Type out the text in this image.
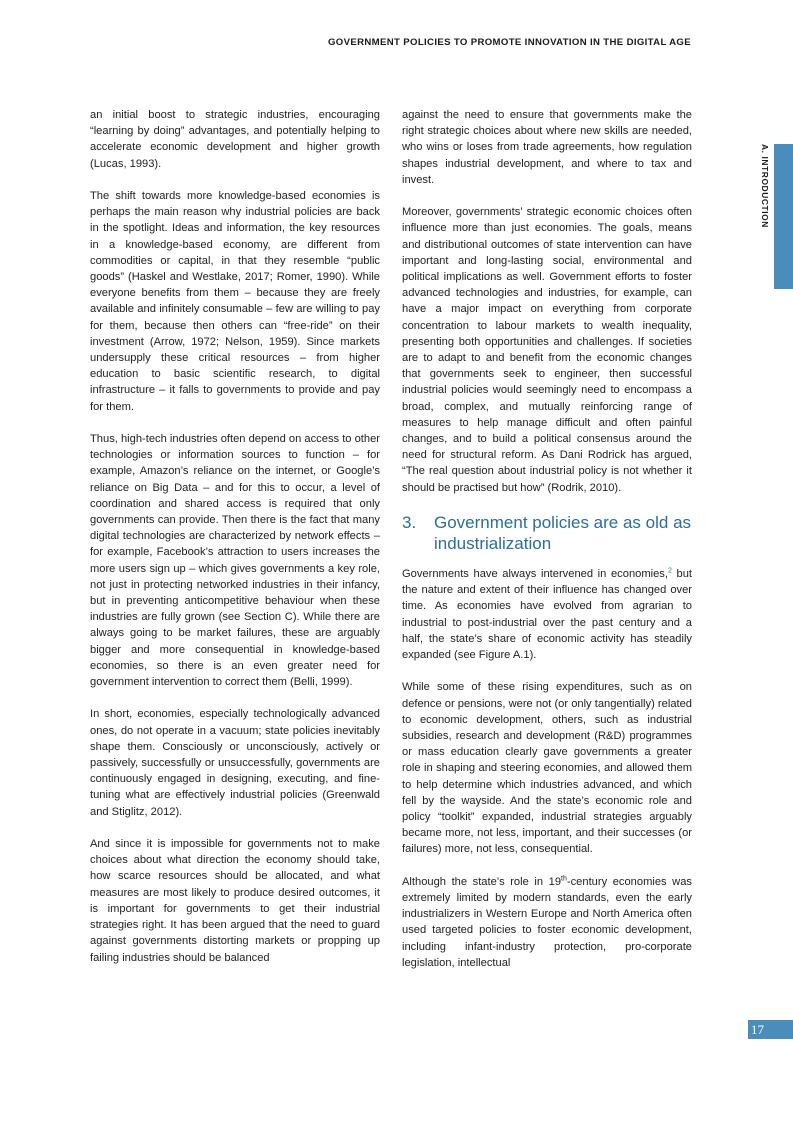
GOVERNMENT POLICIES TO PROMOTE INNOVATION IN THE DIGITAL AGE

an initial boost to strategic industries, encouraging “learning by doing” advantages, and potentially helping to accelerate economic development and higher growth (Lucas, 1993).

The shift towards more knowledge-based economies is perhaps the main reason why industrial policies are back in the spotlight. Ideas and information, the key resources in a knowledge-based economy, are different from commodities or capital, in that they resemble “public goods” (Haskel and Westlake, 2017; Romer, 1990). While everyone benefits from them – because they are freely available and infinitely consumable – few are willing to pay for them, because then others can “free-ride” on their investment (Arrow, 1972; Nelson, 1959). Since markets undersupply these critical resources – from higher education to basic scientific research, to digital infrastructure – it falls to governments to provide and pay for them.

Thus, high-tech industries often depend on access to other technologies or information sources to function – for example, Amazon’s reliance on the internet, or Google’s reliance on Big Data – and for this to occur, a level of coordination and shared access is required that only governments can provide. Then there is the fact that many digital technologies are characterized by network effects – for example, Facebook’s attraction to users increases the more users sign up – which gives governments a key role, not just in protecting networked industries in their infancy, but in preventing anticompetitive behaviour when these industries are fully grown (see Section C). While there are always going to be market failures, these are arguably bigger and more consequential in knowledge-based economies, so there is an even greater need for government intervention to correct them (Belli, 1999).

In short, economies, especially technologically advanced ones, do not operate in a vacuum; state policies inevitably shape them. Consciously or unconsciously, actively or passively, successfully or unsuccessfully, governments are continuously engaged in designing, executing, and fine-tuning what are effectively industrial policies (Greenwald and Stiglitz, 2012).

And since it is impossible for governments not to make choices about what direction the economy should take, how scarce resources should be allocated, and what measures are most likely to produce desired outcomes, it is important for governments to get their industrial strategies right. It has been argued that the need to guard against governments distorting markets or propping up failing industries should be balanced

against the need to ensure that governments make the right strategic choices about where new skills are needed, who wins or loses from trade agreements, how regulation shapes industrial development, and where to tax and invest.

Moreover, governments’ strategic economic choices often influence more than just economies. The goals, means and distributional outcomes of state intervention can have important and long-lasting social, environmental and political implications as well. Government efforts to foster advanced technologies and industries, for example, can have a major impact on everything from corporate concentration to labour markets to wealth inequality, presenting both opportunities and challenges. If societies are to adapt to and benefit from the economic changes that governments seek to engineer, then successful industrial policies would seemingly need to encompass a broad, complex, and mutually reinforcing range of measures to help manage difficult and often painful changes, and to build a political consensus around the need for structural reform. As Dani Rodrick has argued, “The real question about industrial policy is not whether it should be practised but how” (Rodrik, 2010).

3.	Government policies are as old as industrialization

Governments have always intervened in economies,$^2$ but the nature and extent of their influence has changed over time. As economies have evolved from agrarian to industrial to post-industrial over the past century and a half, the state’s share of economic activity has steadily expanded (see Figure A.1).

While some of these rising expenditures, such as on defence or pensions, were not (or only tangentially) related to economic development, others, such as industrial subsidies, research and development (R&D) programmes or mass education clearly gave governments a greater role in shaping and steering economies, and allowed them to help determine which industries advanced, and which fell by the wayside. And the state’s economic role and policy “toolkit” expanded, industrial strategies arguably became more, not less, important, and their successes (or failures) more, not less, consequential.

Although the state’s role in 19th-century economies was extremely limited by modern standards, even the early industrializers in Western Europe and North America often used targeted policies to foster economic development, including infant-industry protection, pro-corporate legislation, intellectual

A. INTRODUCTION
17
